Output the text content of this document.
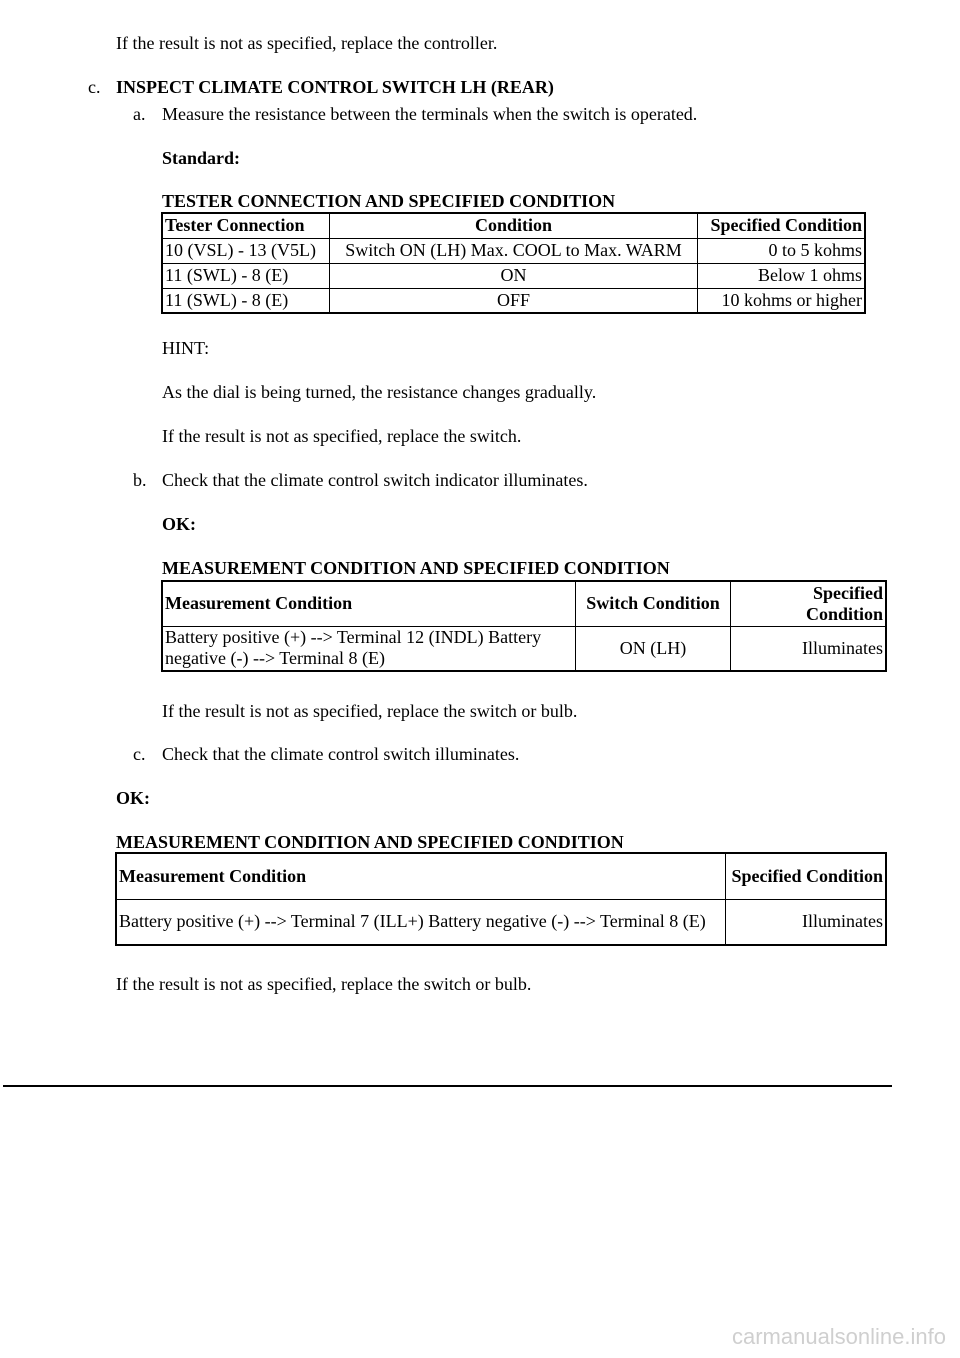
If the result is not as specified, replace the controller.
c. INSPECT CLIMATE CONTROL SWITCH LH (REAR)
a. Measure the resistance between the terminals when the switch is operated.
Standard:
TESTER CONNECTION AND SPECIFIED CONDITION
Tester Connection	Condition	Specified Condition
10 (VSL) - 13 (V5L)	Switch ON (LH) Max. COOL to Max. WARM	0 to 5 kohms
11 (SWL) - 8 (E)	ON	Below 1 ohms
11 (SWL) - 8 (E)	OFF	10 kohms or higher
HINT:
As the dial is being turned, the resistance changes gradually.
If the result is not as specified, replace the switch.
b. Check that the climate control switch indicator illuminates.
OK:
MEASUREMENT CONDITION AND SPECIFIED CONDITION
Measurement Condition	Switch Condition	Specified Condition
Battery positive (+) --> Terminal 12 (INDL) Battery negative (-) --> Terminal 8 (E)	ON (LH)	Illuminates
If the result is not as specified, replace the switch or bulb.
c. Check that the climate control switch illuminates.
OK:
MEASUREMENT CONDITION AND SPECIFIED CONDITION
Measurement Condition	Specified Condition
Battery positive (+) --> Terminal 7 (ILL+) Battery negative (-) --> Terminal 8 (E)	Illuminates
If the result is not as specified, replace the switch or bulb.
carmanualsonline.info
